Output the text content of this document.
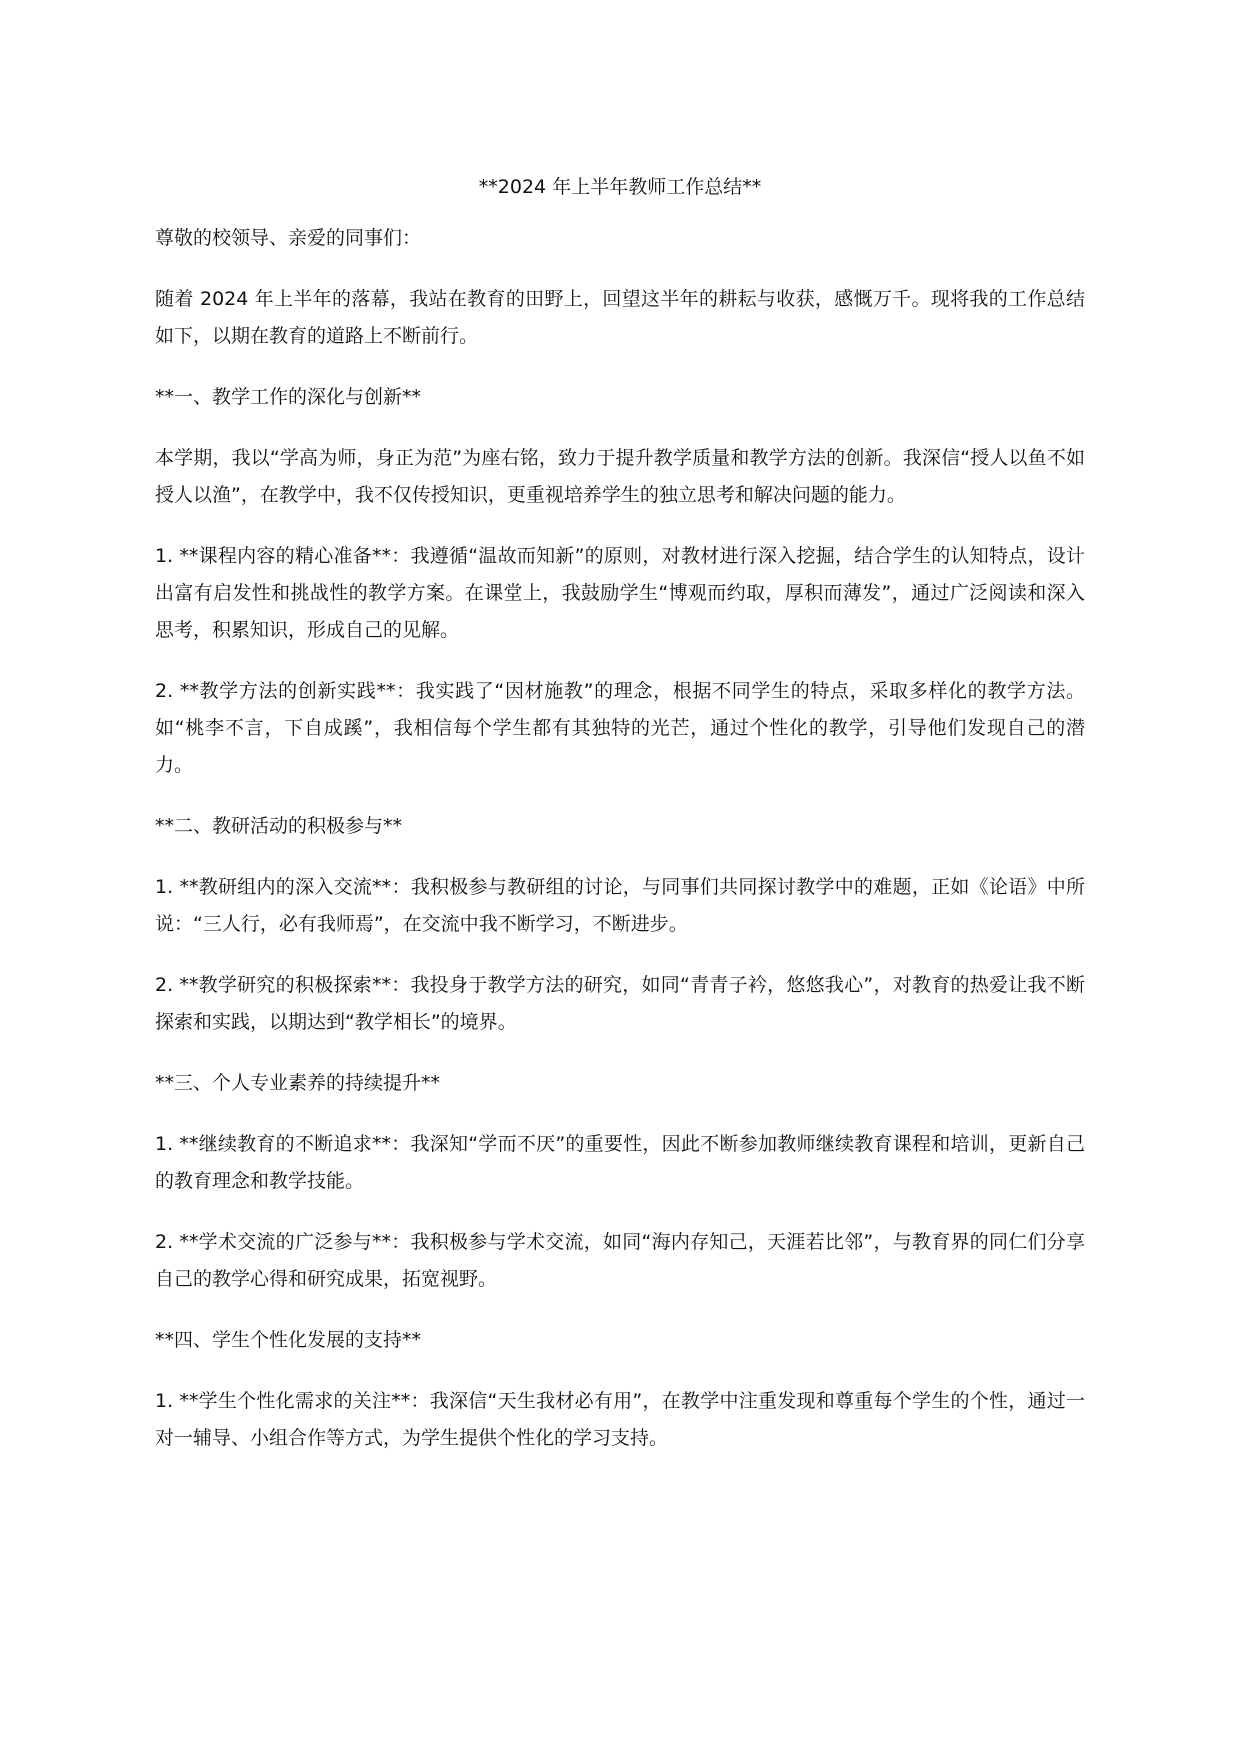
**2024 年上半年教师工作总结**

尊敬的校领导、亲爱的同事们：

随着 2024 年上半年的落幕，我站在教育的田野上，回望这半年的耕耘与收获，感慨万千。现将我的工作总结如下，以期在教育的道路上不断前行。

**一、教学工作的深化与创新**

本学期，我以“学高为师，身正为范”为座右铭，致力于提升教学质量和教学方法的创新。我深信“授人以鱼不如授人以渔”，在教学中，我不仅传授知识，更重视培养学生的独立思考和解决问题的能力。

1. **课程内容的精心准备**：我遵循“温故而知新”的原则，对教材进行深入挖掘，结合学生的认知特点，设计出富有启发性和挑战性的教学方案。在课堂上，我鼓励学生“博观而约取，厚积而薄发”，通过广泛阅读和深入思考，积累知识，形成自己的见解。

2. **教学方法的创新实践**：我实践了“因材施教”的理念，根据不同学生的特点，采取多样化的教学方法。如“桃李不言，下自成蹊”，我相信每个学生都有其独特的光芒，通过个性化的教学，引导他们发现自己的潜力。

**二、教研活动的积极参与**

1. **教研组内的深入交流**：我积极参与教研组的讨论，与同事们共同探讨教学中的难题，正如《论语》中所说：“三人行，必有我师焉”，在交流中我不断学习，不断进步。

2. **教学研究的积极探索**：我投身于教学方法的研究，如同“青青子衿，悠悠我心”，对教育的热爱让我不断探索和实践，以期达到“教学相长”的境界。

**三、个人专业素养的持续提升**

1. **继续教育的不断追求**：我深知“学而不厌”的重要性，因此不断参加教师继续教育课程和培训，更新自己的教育理念和教学技能。

2. **学术交流的广泛参与**：我积极参与学术交流，如同“海内存知己，天涯若比邻”，与教育界的同仁们分享自己的教学心得和研究成果，拓宽视野。

**四、学生个性化发展的支持**

1. **学生个性化需求的关注**：我深信“天生我材必有用”，在教学中注重发现和尊重每个学生的个性，通过一对一辅导、小组合作等方式，为学生提供个性化的学习支持。
